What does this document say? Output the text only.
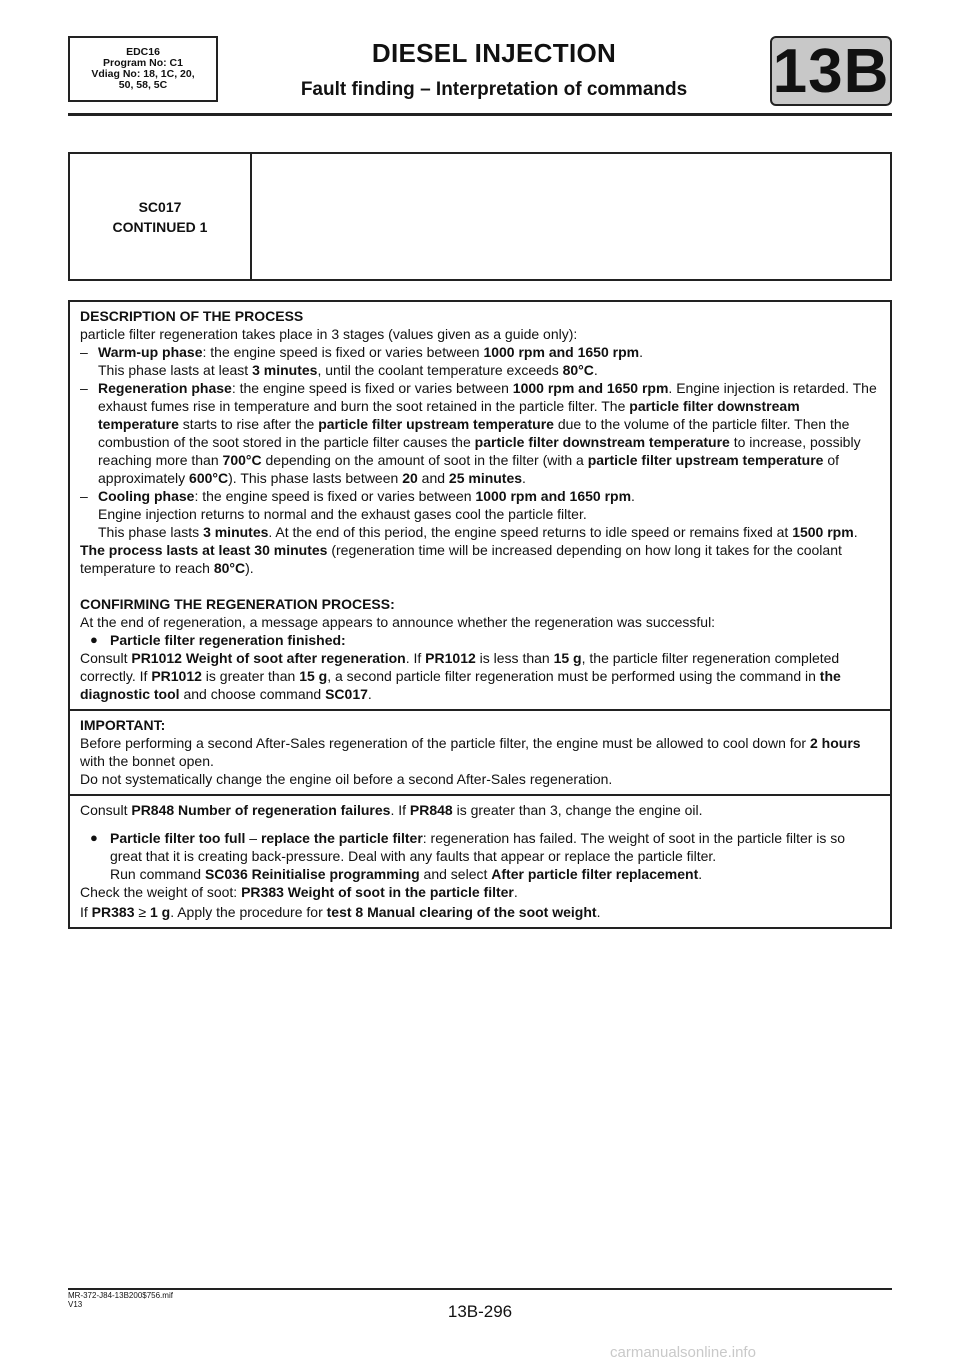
EDC16
Program No: C1
Vdiag No: 18, 1C, 20,
50, 58, 5C
DIESEL INJECTION
Fault finding – Interpretation of commands	13B
SC017
CONTINUED 1
DESCRIPTION OF THE PROCESS
particle filter regeneration takes place in 3 stages (values given as a guide only):
– Warm-up phase: the engine speed is fixed or varies between 1000 rpm and 1650 rpm.
This phase lasts at least 3 minutes, until the coolant temperature exceeds 80°C.
– Regeneration phase: the engine speed is fixed or varies between 1000 rpm and 1650 rpm. Engine injection is retarded. The exhaust fumes rise in temperature and burn the soot retained in the particle filter. The particle filter downstream temperature starts to rise after the particle filter upstream temperature due to the volume of the particle filter. Then the combustion of the soot stored in the particle filter causes the particle filter downstream temperature to increase, possibly reaching more than 700°C depending on the amount of soot in the filter (with a particle filter upstream temperature of approximately 600°C). This phase lasts between 20 and 25 minutes.
– Cooling phase: the engine speed is fixed or varies between 1000 rpm and 1650 rpm.
Engine injection returns to normal and the exhaust gases cool the particle filter.
This phase lasts 3 minutes. At the end of this period, the engine speed returns to idle speed or remains fixed at 1500 rpm.
The process lasts at least 30 minutes (regeneration time will be increased depending on how long it takes for the coolant temperature to reach 80°C).
CONFIRMING THE REGENERATION PROCESS:
At the end of regeneration, a message appears to announce whether the regeneration was successful:
● Particle filter regeneration finished:
Consult PR1012 Weight of soot after regeneration. If PR1012 is less than 15 g, the particle filter regeneration completed correctly. If PR1012 is greater than 15 g, a second particle filter regeneration must be performed using the command in the diagnostic tool and choose command SC017.
IMPORTANT:
Before performing a second After-Sales regeneration of the particle filter, the engine must be allowed to cool down for 2 hours with the bonnet open.
Do not systematically change the engine oil before a second After-Sales regeneration.
Consult PR848 Number of regeneration failures. If PR848 is greater than 3, change the engine oil.
● Particle filter too full – replace the particle filter: regeneration has failed. The weight of soot in the particle filter is so great that it is creating back-pressure. Deal with any faults that appear or replace the particle filter.
Run command SC036 Reinitialise programming and select After particle filter replacement.
Check the weight of soot: PR383 Weight of soot in the particle filter.
If PR383 ≥ 1 g. Apply the procedure for test 8 Manual clearing of the soot weight.
MR-372-J84-13B200$756.mif
V13	13B-296
carmanualsonline.info
